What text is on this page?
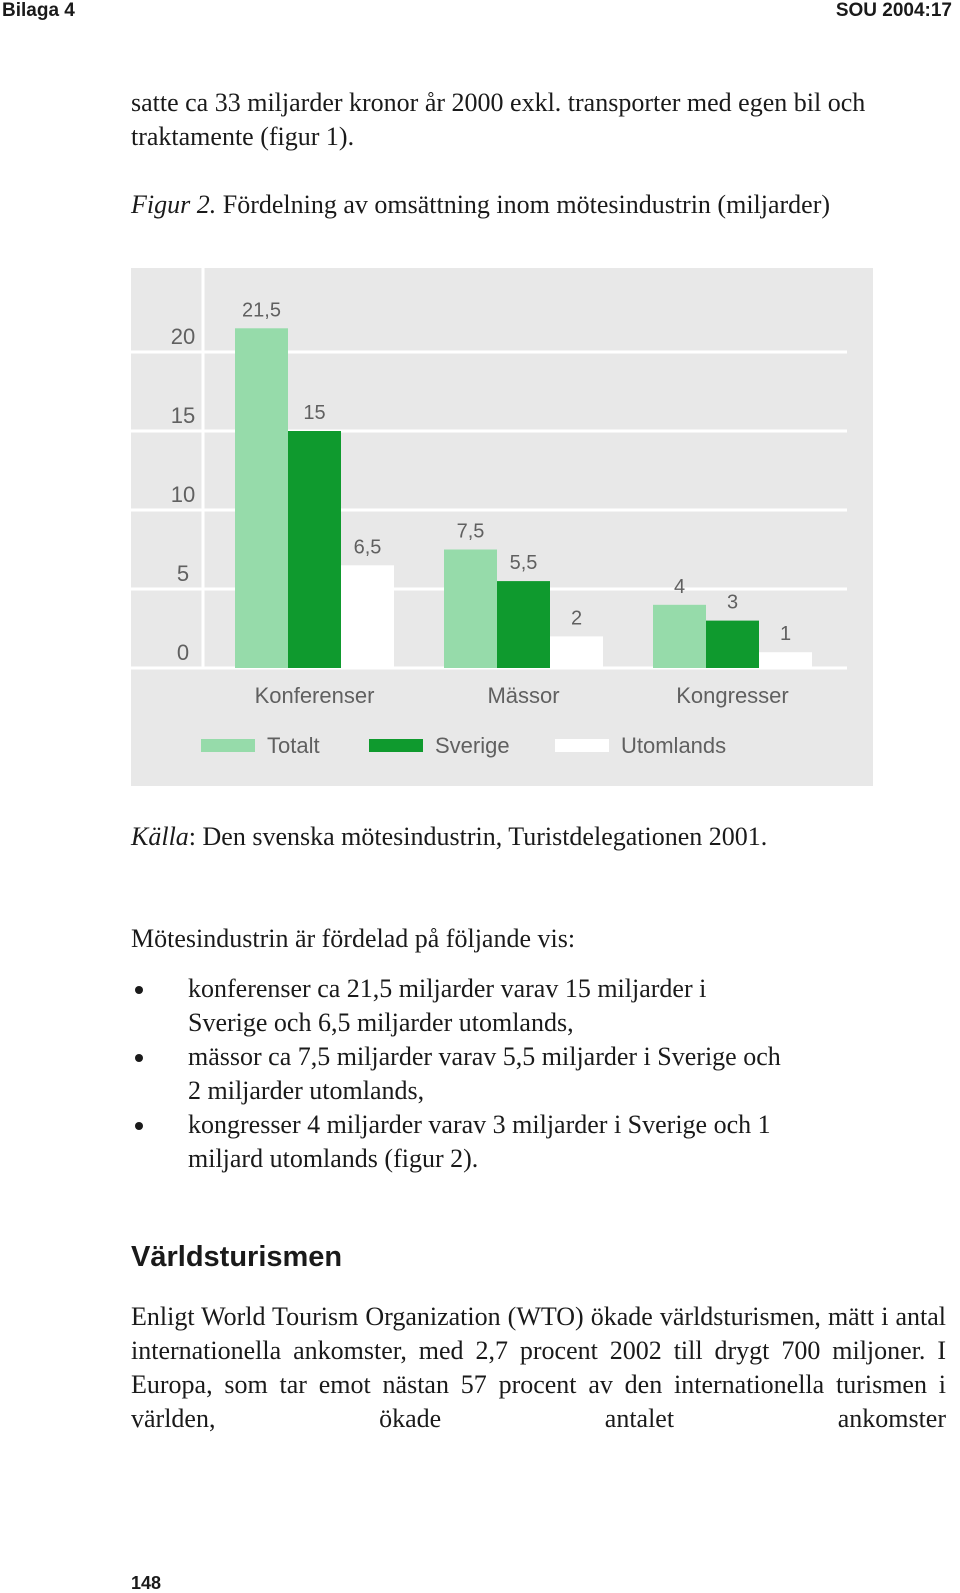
Bilaga 4	SOU 2004:17
satte ca 33 miljarder kronor år 2000 exkl. transporter med egen bil och traktamente (figur 1).
Figur 2. Fördelning av omsättning inom mötesindustrin (miljarder)
0
5
10
15
20
21,5
15
6,5
Konferenser
7,5
5,5
2
Mässor
4
3
1
Kongresser
Totalt	Sverige	Utomlands
Källa: Den svenska mötesindustrin, Turistdelegationen 2001.
Mötesindustrin är fördelad på följande vis:
konferenser ca 21,5 miljarder varav 15 miljarder i Sverige och 6,5 miljarder utomlands,
mässor ca 7,5 miljarder varav 5,5 miljarder i Sverige och 2 miljarder utomlands,
kongresser 4 miljarder varav 3 miljarder i Sverige och 1 miljard utomlands (figur 2).
Världsturismen
Enligt World Tourism Organization (WTO) ökade världsturismen, mätt i antal internationella ankomster, med 2,7 procent 2002 till drygt 700 miljoner. I Europa, som tar emot nästan 57 procent av den internationella turismen i världen, ökade antalet ankomster
148
